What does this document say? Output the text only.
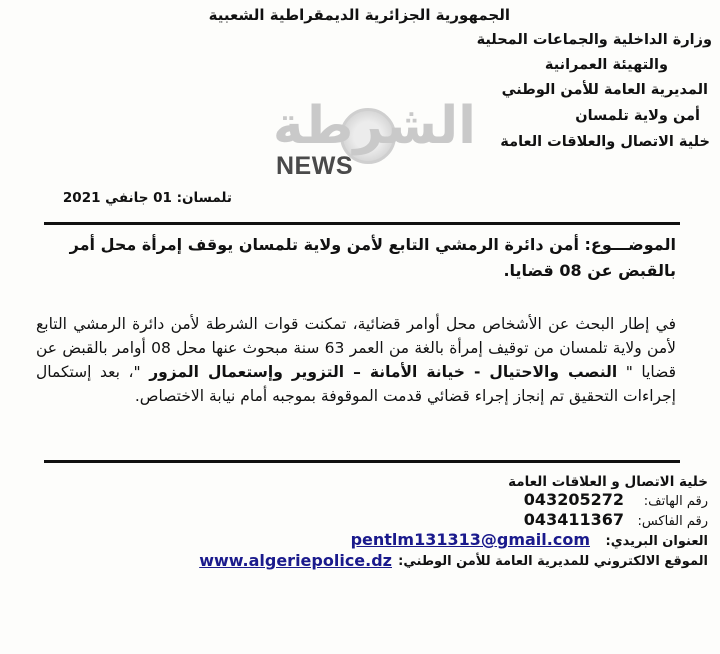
الجمهورية الجزائرية الديمقراطية الشعبية
وزارة الداخلية والجماعات المحلية
والتهيئة العمرانية
المديرية العامة للأمن الوطني
أمن ولاية تلمسان
خلية الاتصال والعلاقات العامة
الشرطة
NEWS
تلمسان: 01 جانفي 2021
الموضـــوع: أمن دائرة الرمشي التابع لأمن ولاية تلمسان يوقف إمرأة محل أمر بالقبض عن 08 قضايا.
في إطار البحث عن الأشخاص محل أوامر قضائية، تمكنت قوات الشرطة لأمن دائرة الرمشي التابع لأمن ولاية تلمسان من توقيف إمرأة بالغة من العمر 63 سنة مبحوث عنها محل 08 أوامر بالقبض عن قضايا " النصب والاحتيال - خيانة الأمانة – التزوير وإستعمال المزور "، بعد إستكمال إجراءات التحقيق تم إنجاز إجراء قضائي قدمت الموقوفة بموجبه أمام نيابة الاختصاص.
خلية الاتصال و العلاقات العامة
رقم الهاتف:
043205272
رقم الفاكس:
043411367
العنوان البريدي:
pentlm131313@gmail.com
الموقع الالكتروني للمديرية العامة للأمن الوطني:
www.algeriepolice.dz
